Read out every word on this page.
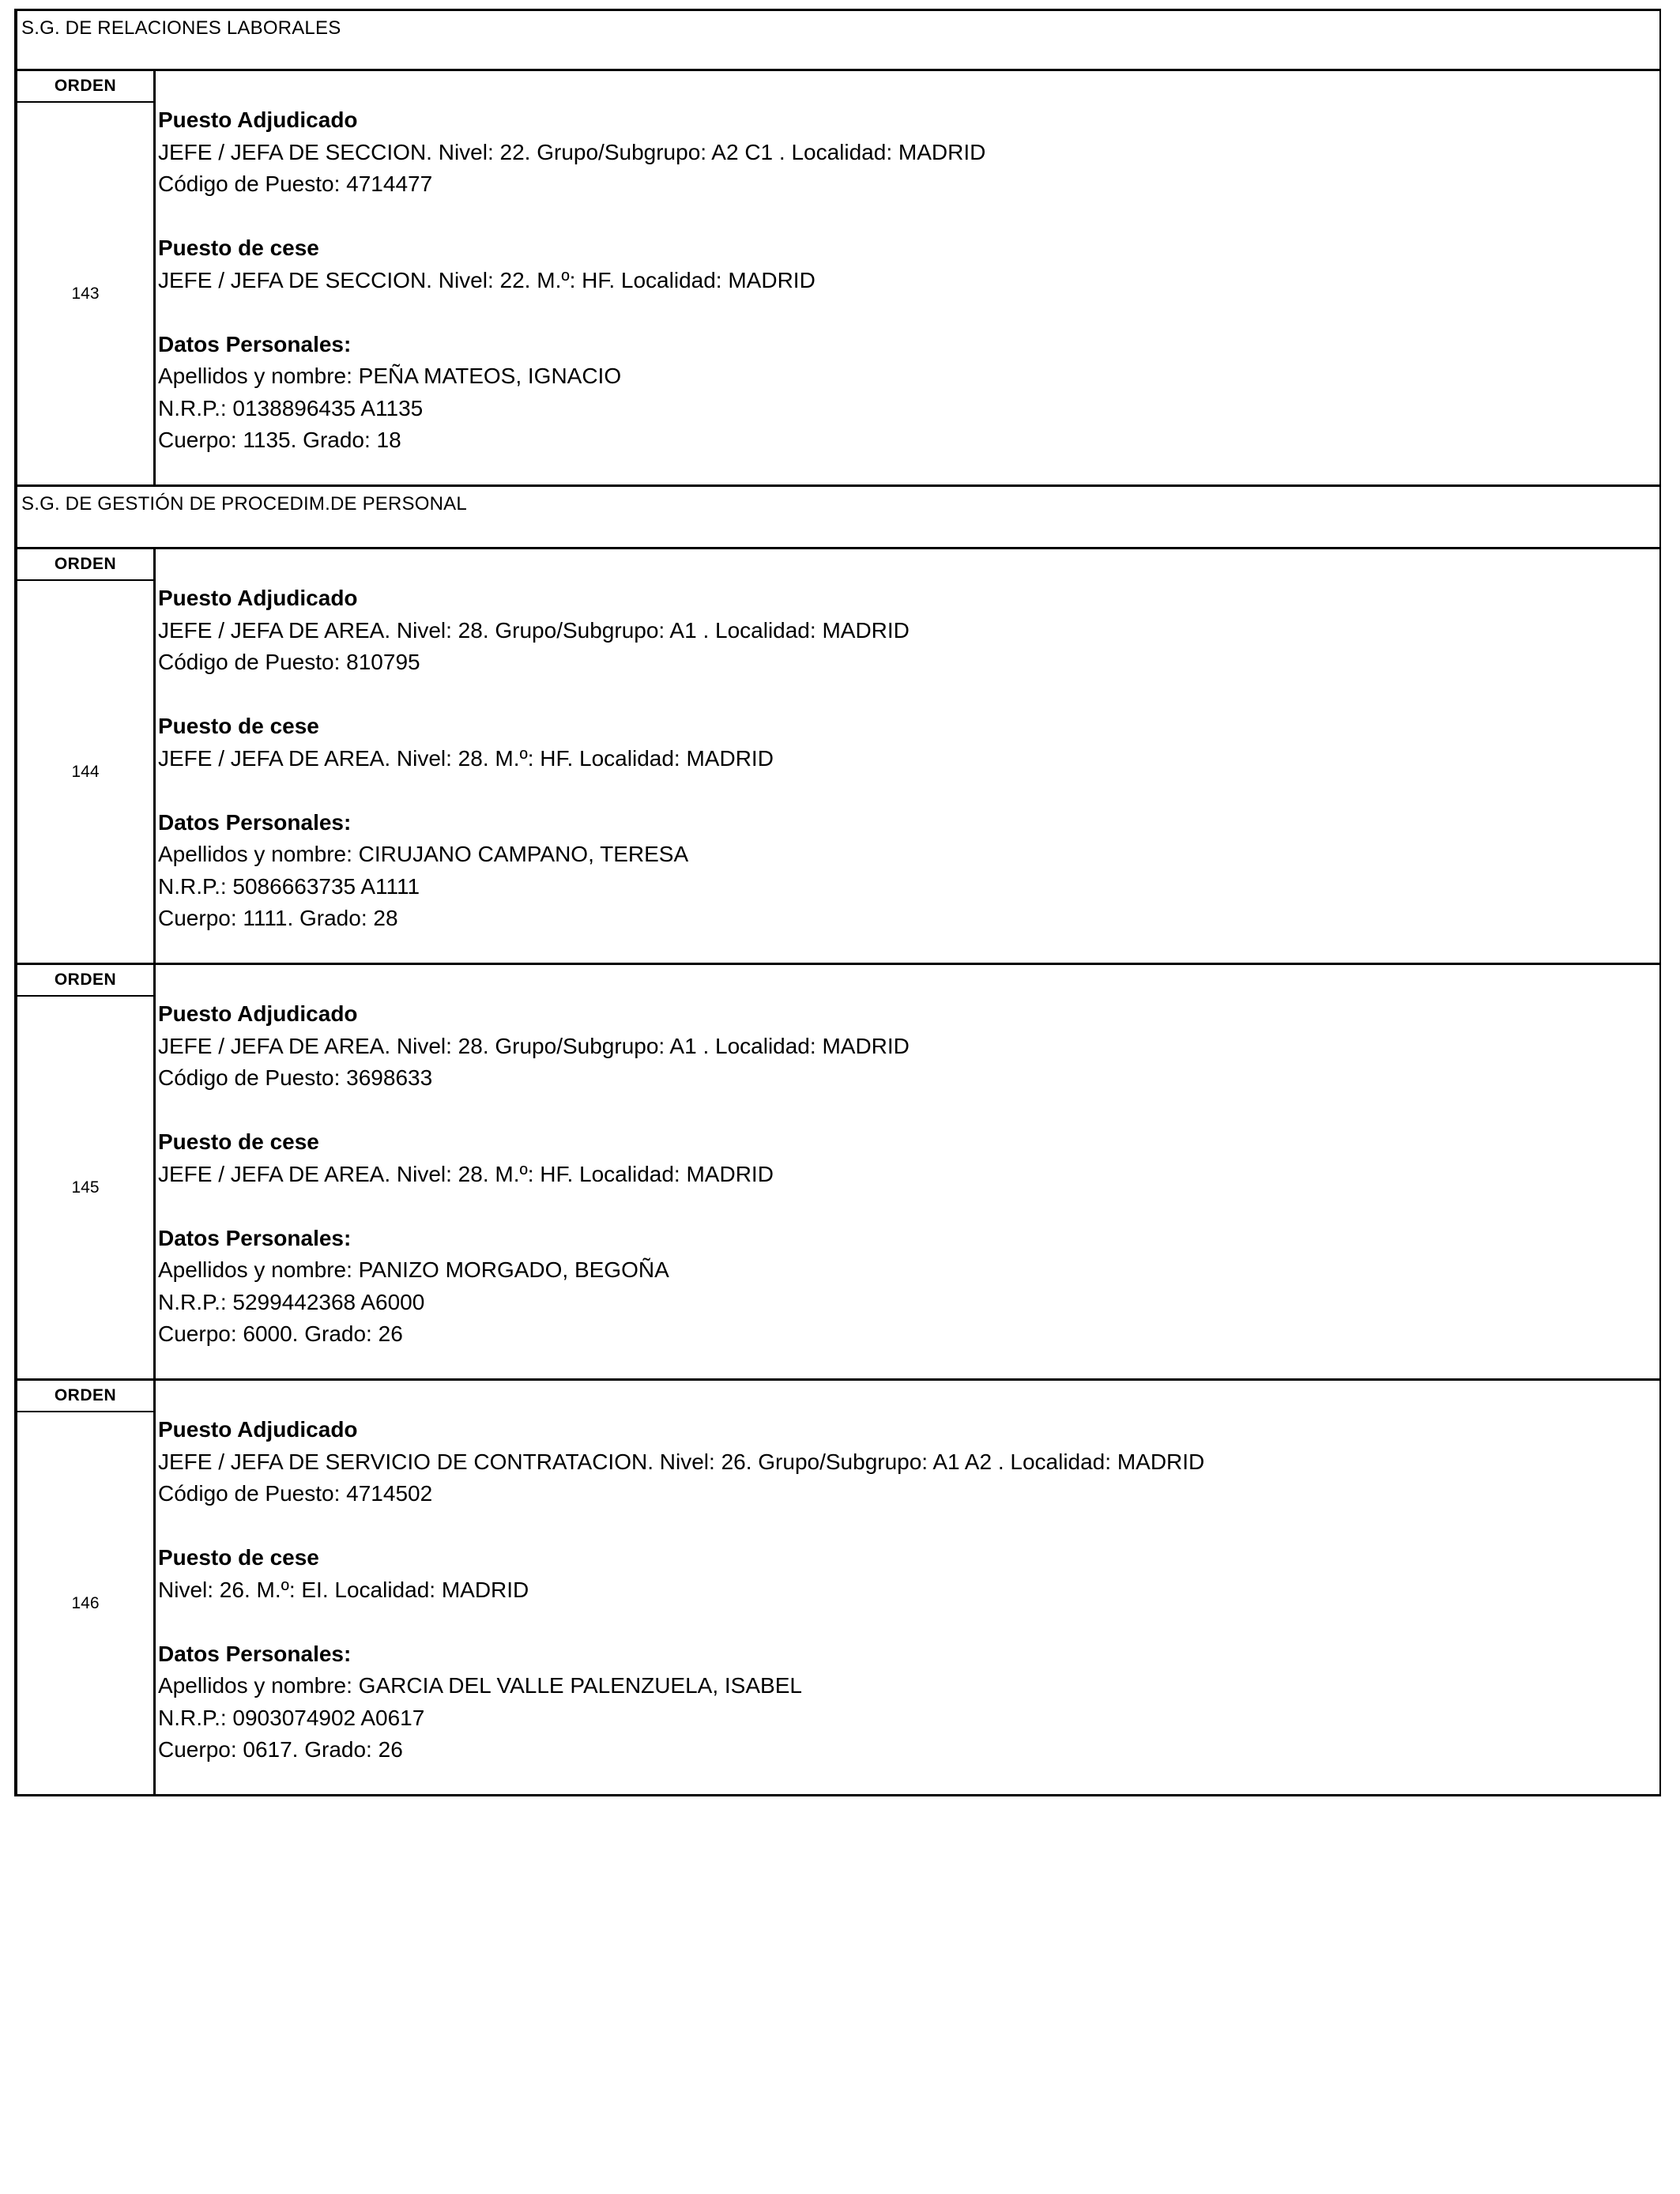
S.G. DE RELACIONES LABORALES
ORDEN
143
Puesto Adjudicado
JEFE / JEFA DE SECCION. Nivel: 22. Grupo/Subgrupo: A2 C1 . Localidad: MADRID
Código de Puesto: 4714477
Puesto de cese
JEFE / JEFA DE SECCION. Nivel: 22. M.º: HF. Localidad: MADRID
Datos Personales:
Apellidos y nombre: PEÑA MATEOS, IGNACIO
N.R.P.: 0138896435 A1135
Cuerpo: 1135. Grado: 18
S.G. DE GESTIÓN DE PROCEDIM.DE PERSONAL
ORDEN
144
Puesto Adjudicado
JEFE / JEFA DE AREA. Nivel: 28. Grupo/Subgrupo: A1 . Localidad: MADRID
Código de Puesto: 810795
Puesto de cese
JEFE / JEFA DE AREA. Nivel: 28. M.º: HF. Localidad: MADRID
Datos Personales:
Apellidos y nombre: CIRUJANO CAMPANO, TERESA
N.R.P.: 5086663735 A1111
Cuerpo: 1111. Grado: 28
ORDEN
145
Puesto Adjudicado
JEFE / JEFA DE AREA. Nivel: 28. Grupo/Subgrupo: A1 . Localidad: MADRID
Código de Puesto: 3698633
Puesto de cese
JEFE / JEFA DE AREA. Nivel: 28. M.º: HF. Localidad: MADRID
Datos Personales:
Apellidos y nombre: PANIZO MORGADO, BEGOÑA
N.R.P.: 5299442368 A6000
Cuerpo: 6000. Grado: 26
ORDEN
146
Puesto Adjudicado
JEFE / JEFA DE SERVICIO DE CONTRATACION. Nivel: 26. Grupo/Subgrupo: A1 A2 . Localidad: MADRID
Código de Puesto: 4714502
Puesto de cese
Nivel: 26. M.º: EI. Localidad: MADRID
Datos Personales:
Apellidos y nombre: GARCIA DEL VALLE PALENZUELA, ISABEL
N.R.P.: 0903074902 A0617
Cuerpo: 0617. Grado: 26
